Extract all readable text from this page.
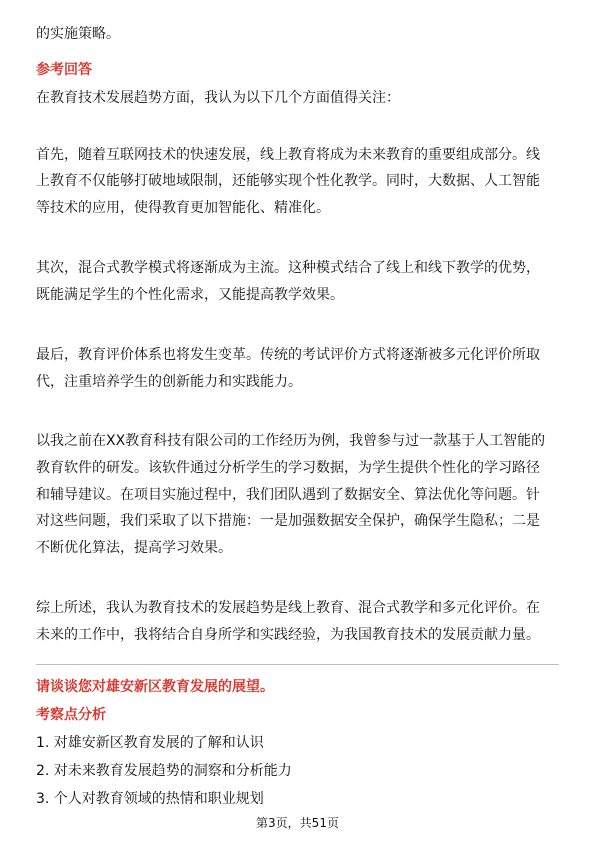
的实施策略。
参考回答
在教育技术发展趋势方面，我认为以下几个方面值得关注：
首先，随着互联网技术的快速发展，线上教育将成为未来教育的重要组成部分。线
上教育不仅能够打破地域限制，还能够实现个性化教学。同时，大数据、人工智能
等技术的应用，使得教育更加智能化、精准化。
其次，混合式教学模式将逐渐成为主流。这种模式结合了线上和线下教学的优势，
既能满足学生的个性化需求，又能提高教学效果。
最后，教育评价体系也将发生变革。传统的考试评价方式将逐渐被多元化评价所取
代，注重培养学生的创新能力和实践能力。
以我之前在XX教育科技有限公司的工作经历为例，我曾参与过一款基于人工智能的
教育软件的研发。该软件通过分析学生的学习数据，为学生提供个性化的学习路径
和辅导建议。在项目实施过程中，我们团队遇到了数据安全、算法优化等问题。针
对这些问题，我们采取了以下措施：一是加强数据安全保护，确保学生隐私；二是
不断优化算法，提高学习效果。
综上所述，我认为教育技术的发展趋势是线上教育、混合式教学和多元化评价。在
未来的工作中，我将结合自身所学和实践经验，为我国教育技术的发展贡献力量。
请谈谈您对雄安新区教育发展的展望。
考察点分析
1. 对雄安新区教育发展的了解和认识
2. 对未来教育发展趋势的洞察和分析能力
3. 个人对教育领域的热情和职业规划
第3页，共51页
